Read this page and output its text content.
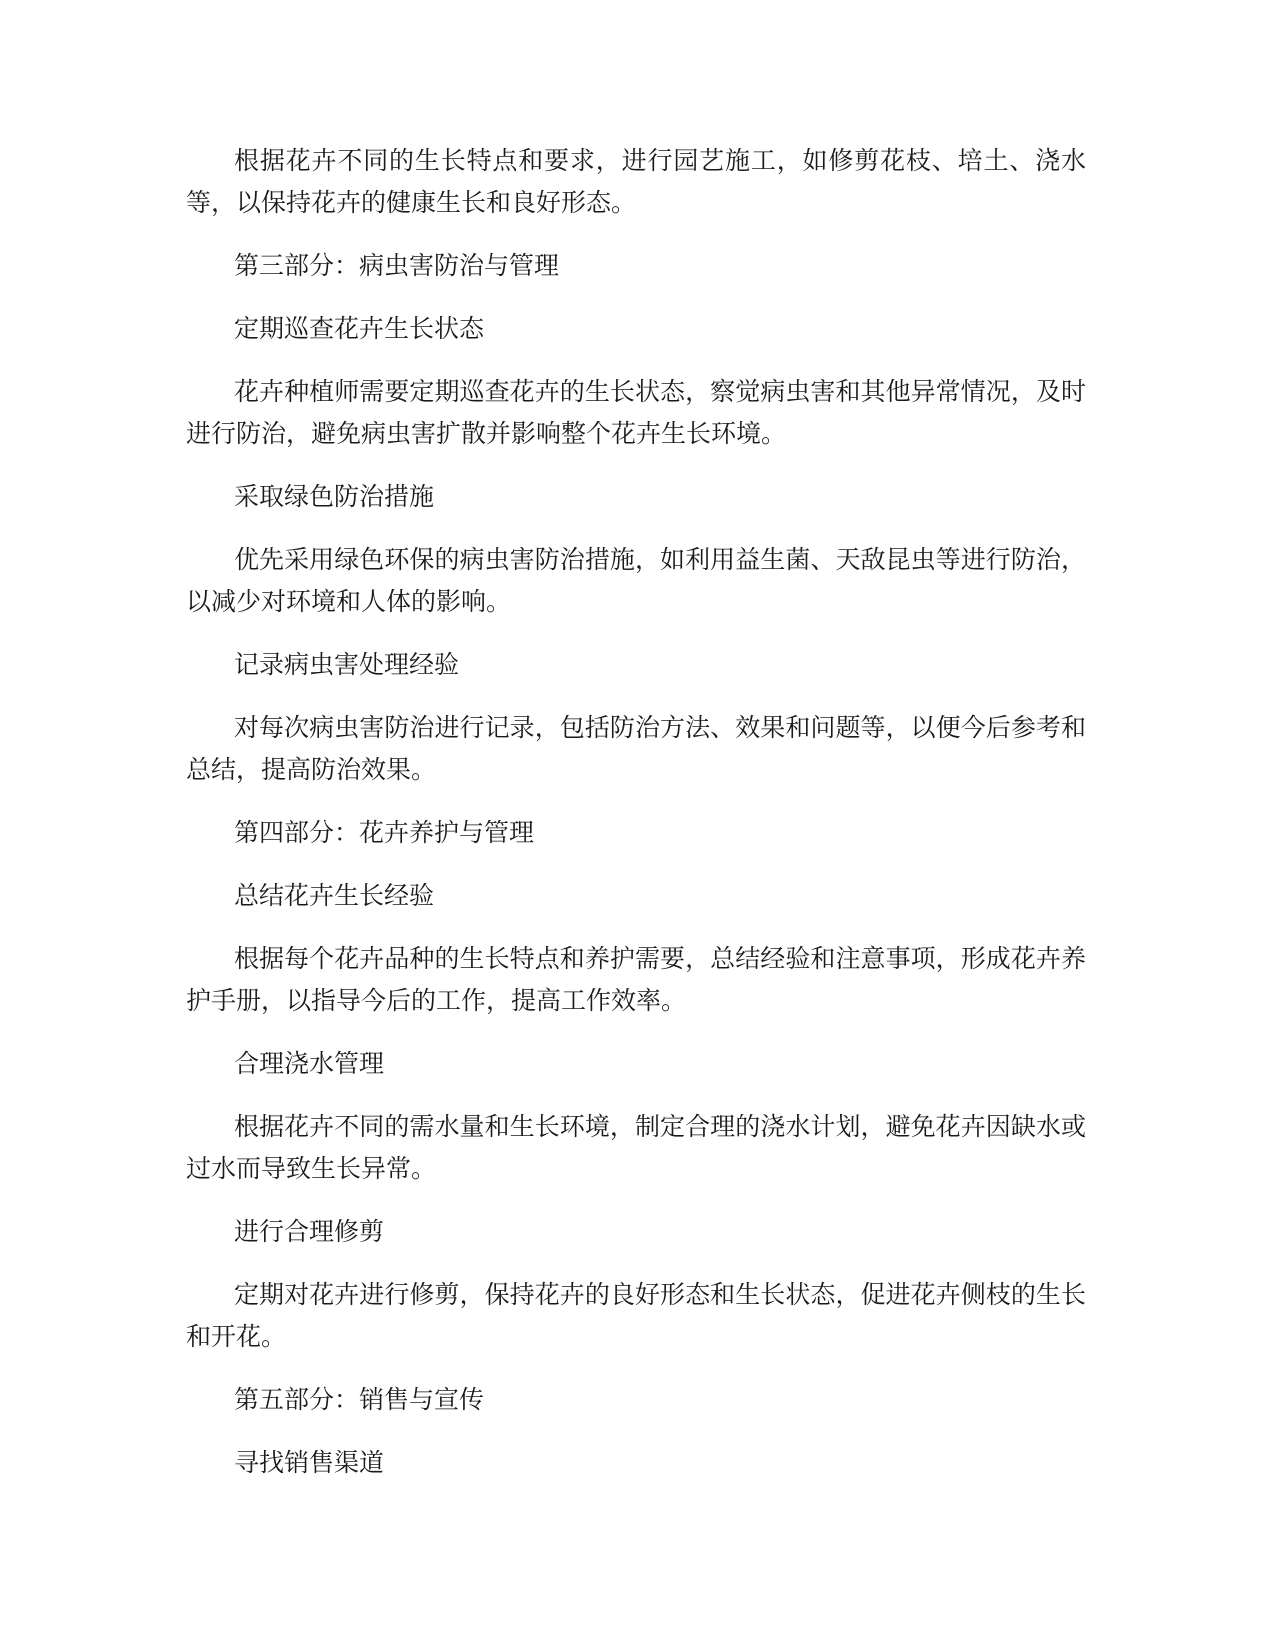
根据花卉不同的生长特点和要求，进行园艺施工，如修剪花枝、培土、浇水等，以保持花卉的健康生长和良好形态。

第三部分：病虫害防治与管理

定期巡查花卉生长状态

花卉种植师需要定期巡查花卉的生长状态，察觉病虫害和其他异常情况，及时进行防治，避免病虫害扩散并影响整个花卉生长环境。

采取绿色防治措施

优先采用绿色环保的病虫害防治措施，如利用益生菌、天敌昆虫等进行防治，以减少对环境和人体的影响。

记录病虫害处理经验

对每次病虫害防治进行记录，包括防治方法、效果和问题等，以便今后参考和总结，提高防治效果。

第四部分：花卉养护与管理

总结花卉生长经验

根据每个花卉品种的生长特点和养护需要，总结经验和注意事项，形成花卉养护手册，以指导今后的工作，提高工作效率。

合理浇水管理

根据花卉不同的需水量和生长环境，制定合理的浇水计划，避免花卉因缺水或过水而导致生长异常。

进行合理修剪

定期对花卉进行修剪，保持花卉的良好形态和生长状态，促进花卉侧枝的生长和开花。

第五部分：销售与宣传

寻找销售渠道
